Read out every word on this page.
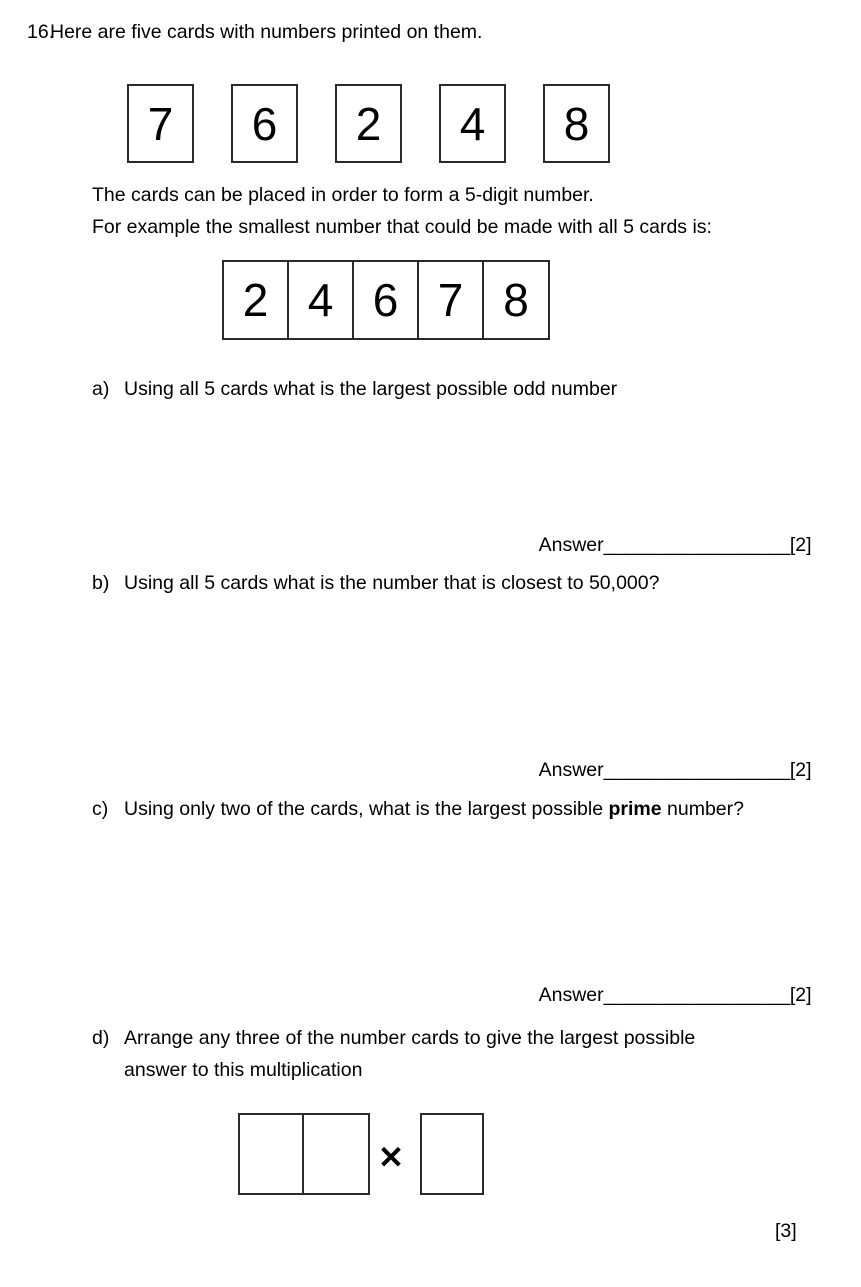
16.
Here are five cards with numbers printed on them.
7	6	2	4	8
The cards can be placed in order to form a 5-digit number.
For example the smallest number that could be made with all 5 cards is:
2 4 6 7 8
a) Using all 5 cards what is the largest possible odd number

Answer__________________[2]

b) Using all 5 cards what is the number that is closest to 50,000?

Answer__________________[2]

c) Using only two of the cards, what is the largest possible prime number?

Answer__________________[2]

d) Arrange any three of the number cards to give the largest possible
answer to this multiplication
✕
[3]
